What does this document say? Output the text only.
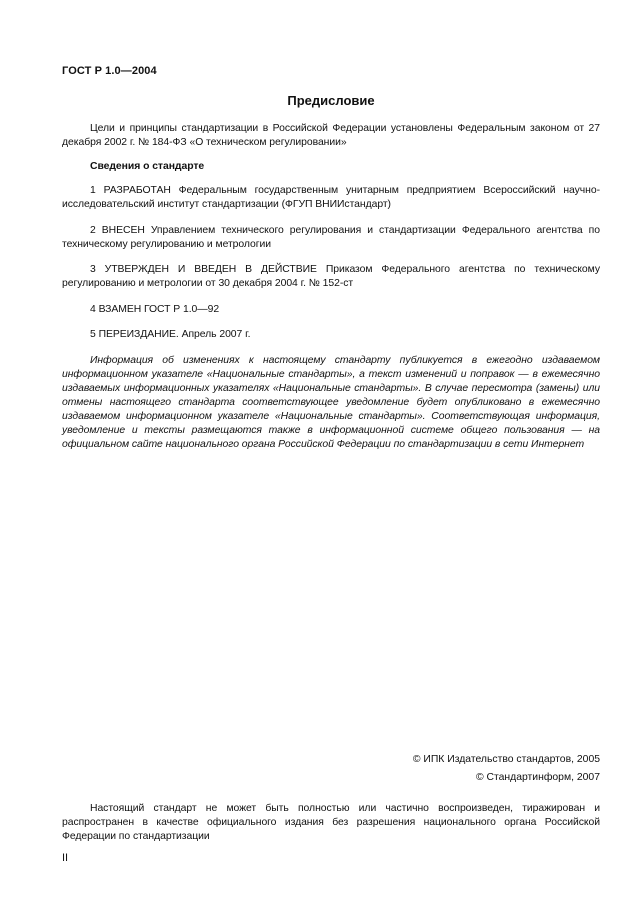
ГОСТ Р 1.0—2004
Предисловие

Цели и принципы стандартизации в Российской Федерации установлены Федеральным законом от 27 декабря 2002 г. № 184-ФЗ «О техническом регулировании»

Сведения о стандарте

1 РАЗРАБОТАН Федеральным государственным унитарным предприятием Всероссийский научно-исследовательский институт стандартизации (ФГУП ВНИИстандарт)

2 ВНЕСЕН Управлением технического регулирования и стандартизации Федерального агентства по техническому регулированию и метрологии

3 УТВЕРЖДЕН И ВВЕДЕН В ДЕЙСТВИЕ Приказом Федерального агентства по техническому регулированию и метрологии от 30 декабря 2004 г. № 152-ст

4 ВЗАМЕН ГОСТ Р 1.0—92

5 ПЕРЕИЗДАНИЕ. Апрель 2007 г.

Информация об изменениях к настоящему стандарту публикуется в ежегодно издаваемом информационном указателе «Национальные стандарты», а текст изменений и поправок — в ежемесячно издаваемых информационных указателях «Национальные стандарты». В случае пересмотра (замены) или отмены настоящего стандарта соответствующее уведомление будет опубликовано в ежемесячно издаваемом информационном указателе «Национальные стандарты». Соответствующая информация, уведомление и тексты размещаются также в информационной системе общего пользования — на официальном сайте национального органа Российской Федерации по стандартизации в сети Интернет

© ИПК Издательство стандартов, 2005
© Стандартинформ, 2007

Настоящий стандарт не может быть полностью или частично воспроизведен, тиражирован и распространен в качестве официального издания без разрешения национального органа Российской Федерации по стандартизации

II
